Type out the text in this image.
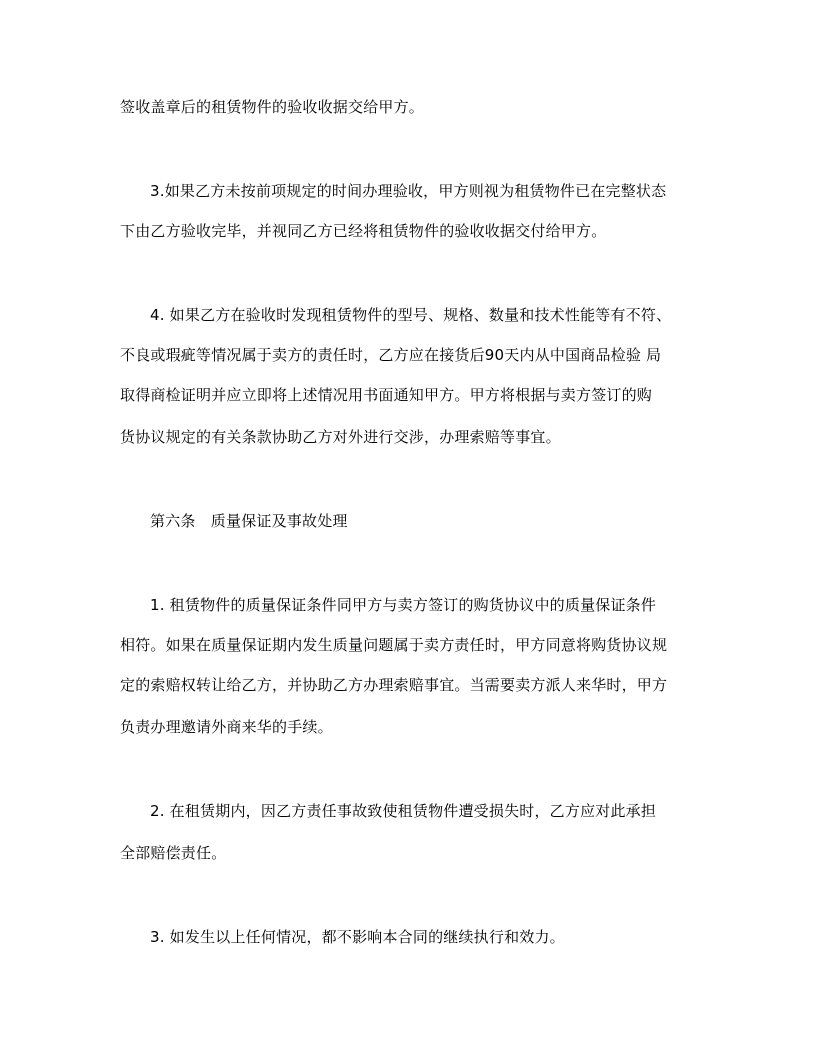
签收盖章后的租赁物件的验收收据交给甲方。
3.如果乙方未按前项规定的时间办理验收，甲方则视为租赁物件已在完整状态
下由乙方验收完毕，并视同乙方已经将租赁物件的验收收据交付给甲方。
4. 如果乙方在验收时发现租赁物件的型号、规格、数量和技术性能等有不符、
不良或瑕疵等情况属于卖方的责任时，乙方应在接货后90天内从中国商品检验 局
取得商检证明并应立即将上述情况用书面通知甲方。甲方将根据与卖方签订的购
货协议规定的有关条款协助乙方对外进行交涉，办理索赔等事宜。
第六条　质量保证及事故处理
1. 租赁物件的质量保证条件同甲方与卖方签订的购货协议中的质量保证条件
相符。如果在质量保证期内发生质量问题属于卖方责任时，甲方同意将购货协议规
定的索赔权转让给乙方，并协助乙方办理索赔事宜。当需要卖方派人来华时，甲方
负责办理邀请外商来华的手续。
2. 在租赁期内，因乙方责任事故致使租赁物件遭受损失时，乙方应对此承担
全部赔偿责任。
3. 如发生以上任何情况，都不影响本合同的继续执行和效力。
